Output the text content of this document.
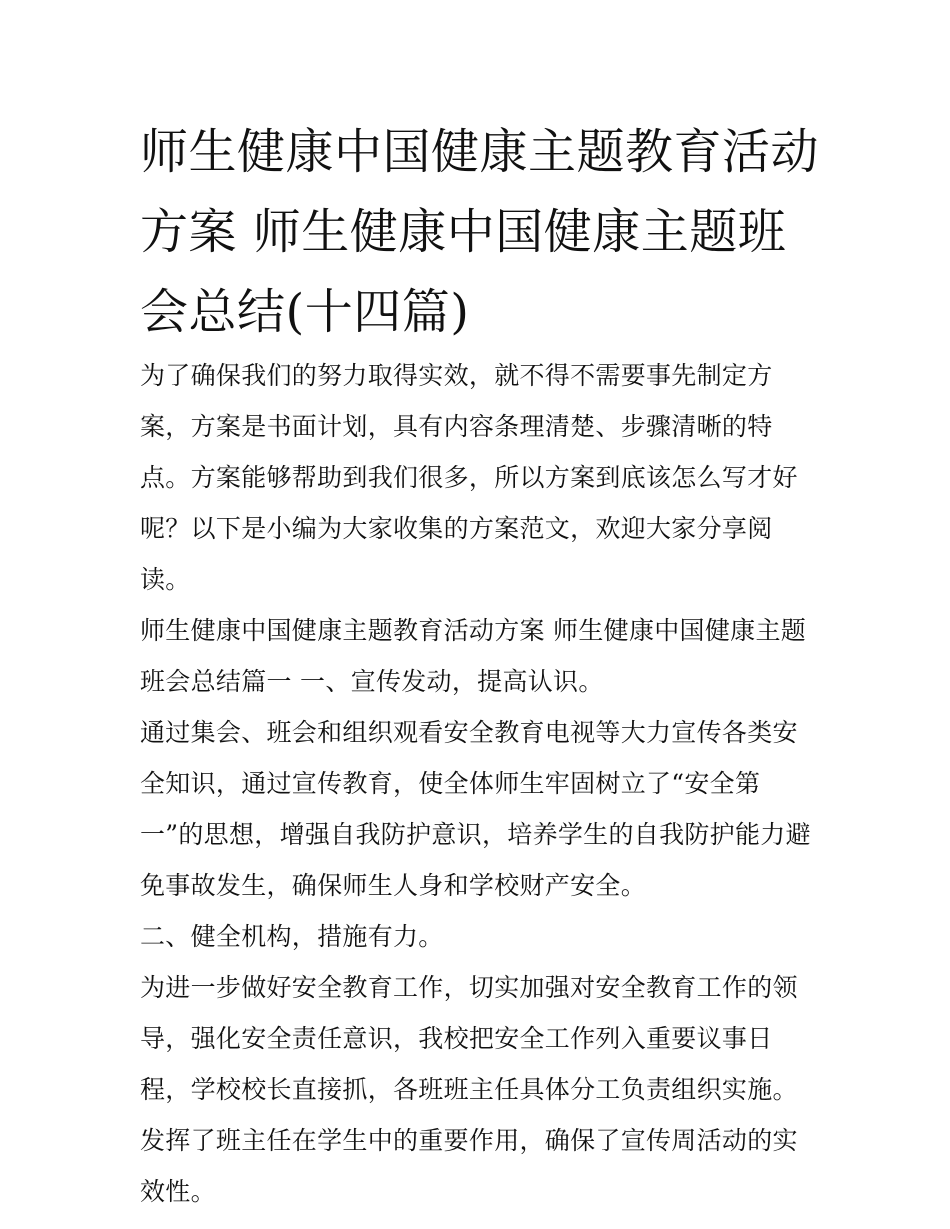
师生健康中国健康主题教育活动方案 师生健康中国健康主题班会总结(十四篇)

为了确保我们的努力取得实效，就不得不需要事先制定方案，方案是书面计划，具有内容条理清楚、步骤清晰的特点。方案能够帮助到我们很多，所以方案到底该怎么写才好呢？以下是小编为大家收集的方案范文，欢迎大家分享阅读。

师生健康中国健康主题教育活动方案 师生健康中国健康主题班会总结篇一 一、宣传发动，提高认识。

通过集会、班会和组织观看安全教育电视等大力宣传各类安全知识，通过宣传教育，使全体师生牢固树立了“安全第一”的思想，增强自我防护意识，培养学生的自我防护能力避免事故发生，确保师生人身和学校财产安全。

二、健全机构，措施有力。

为进一步做好安全教育工作，切实加强对安全教育工作的领导，强化安全责任意识，我校把安全工作列入重要议事日程，学校校长直接抓，各班班主任具体分工负责组织实施。发挥了班主任在学生中的重要作用，确保了宣传周活动的实效性。
